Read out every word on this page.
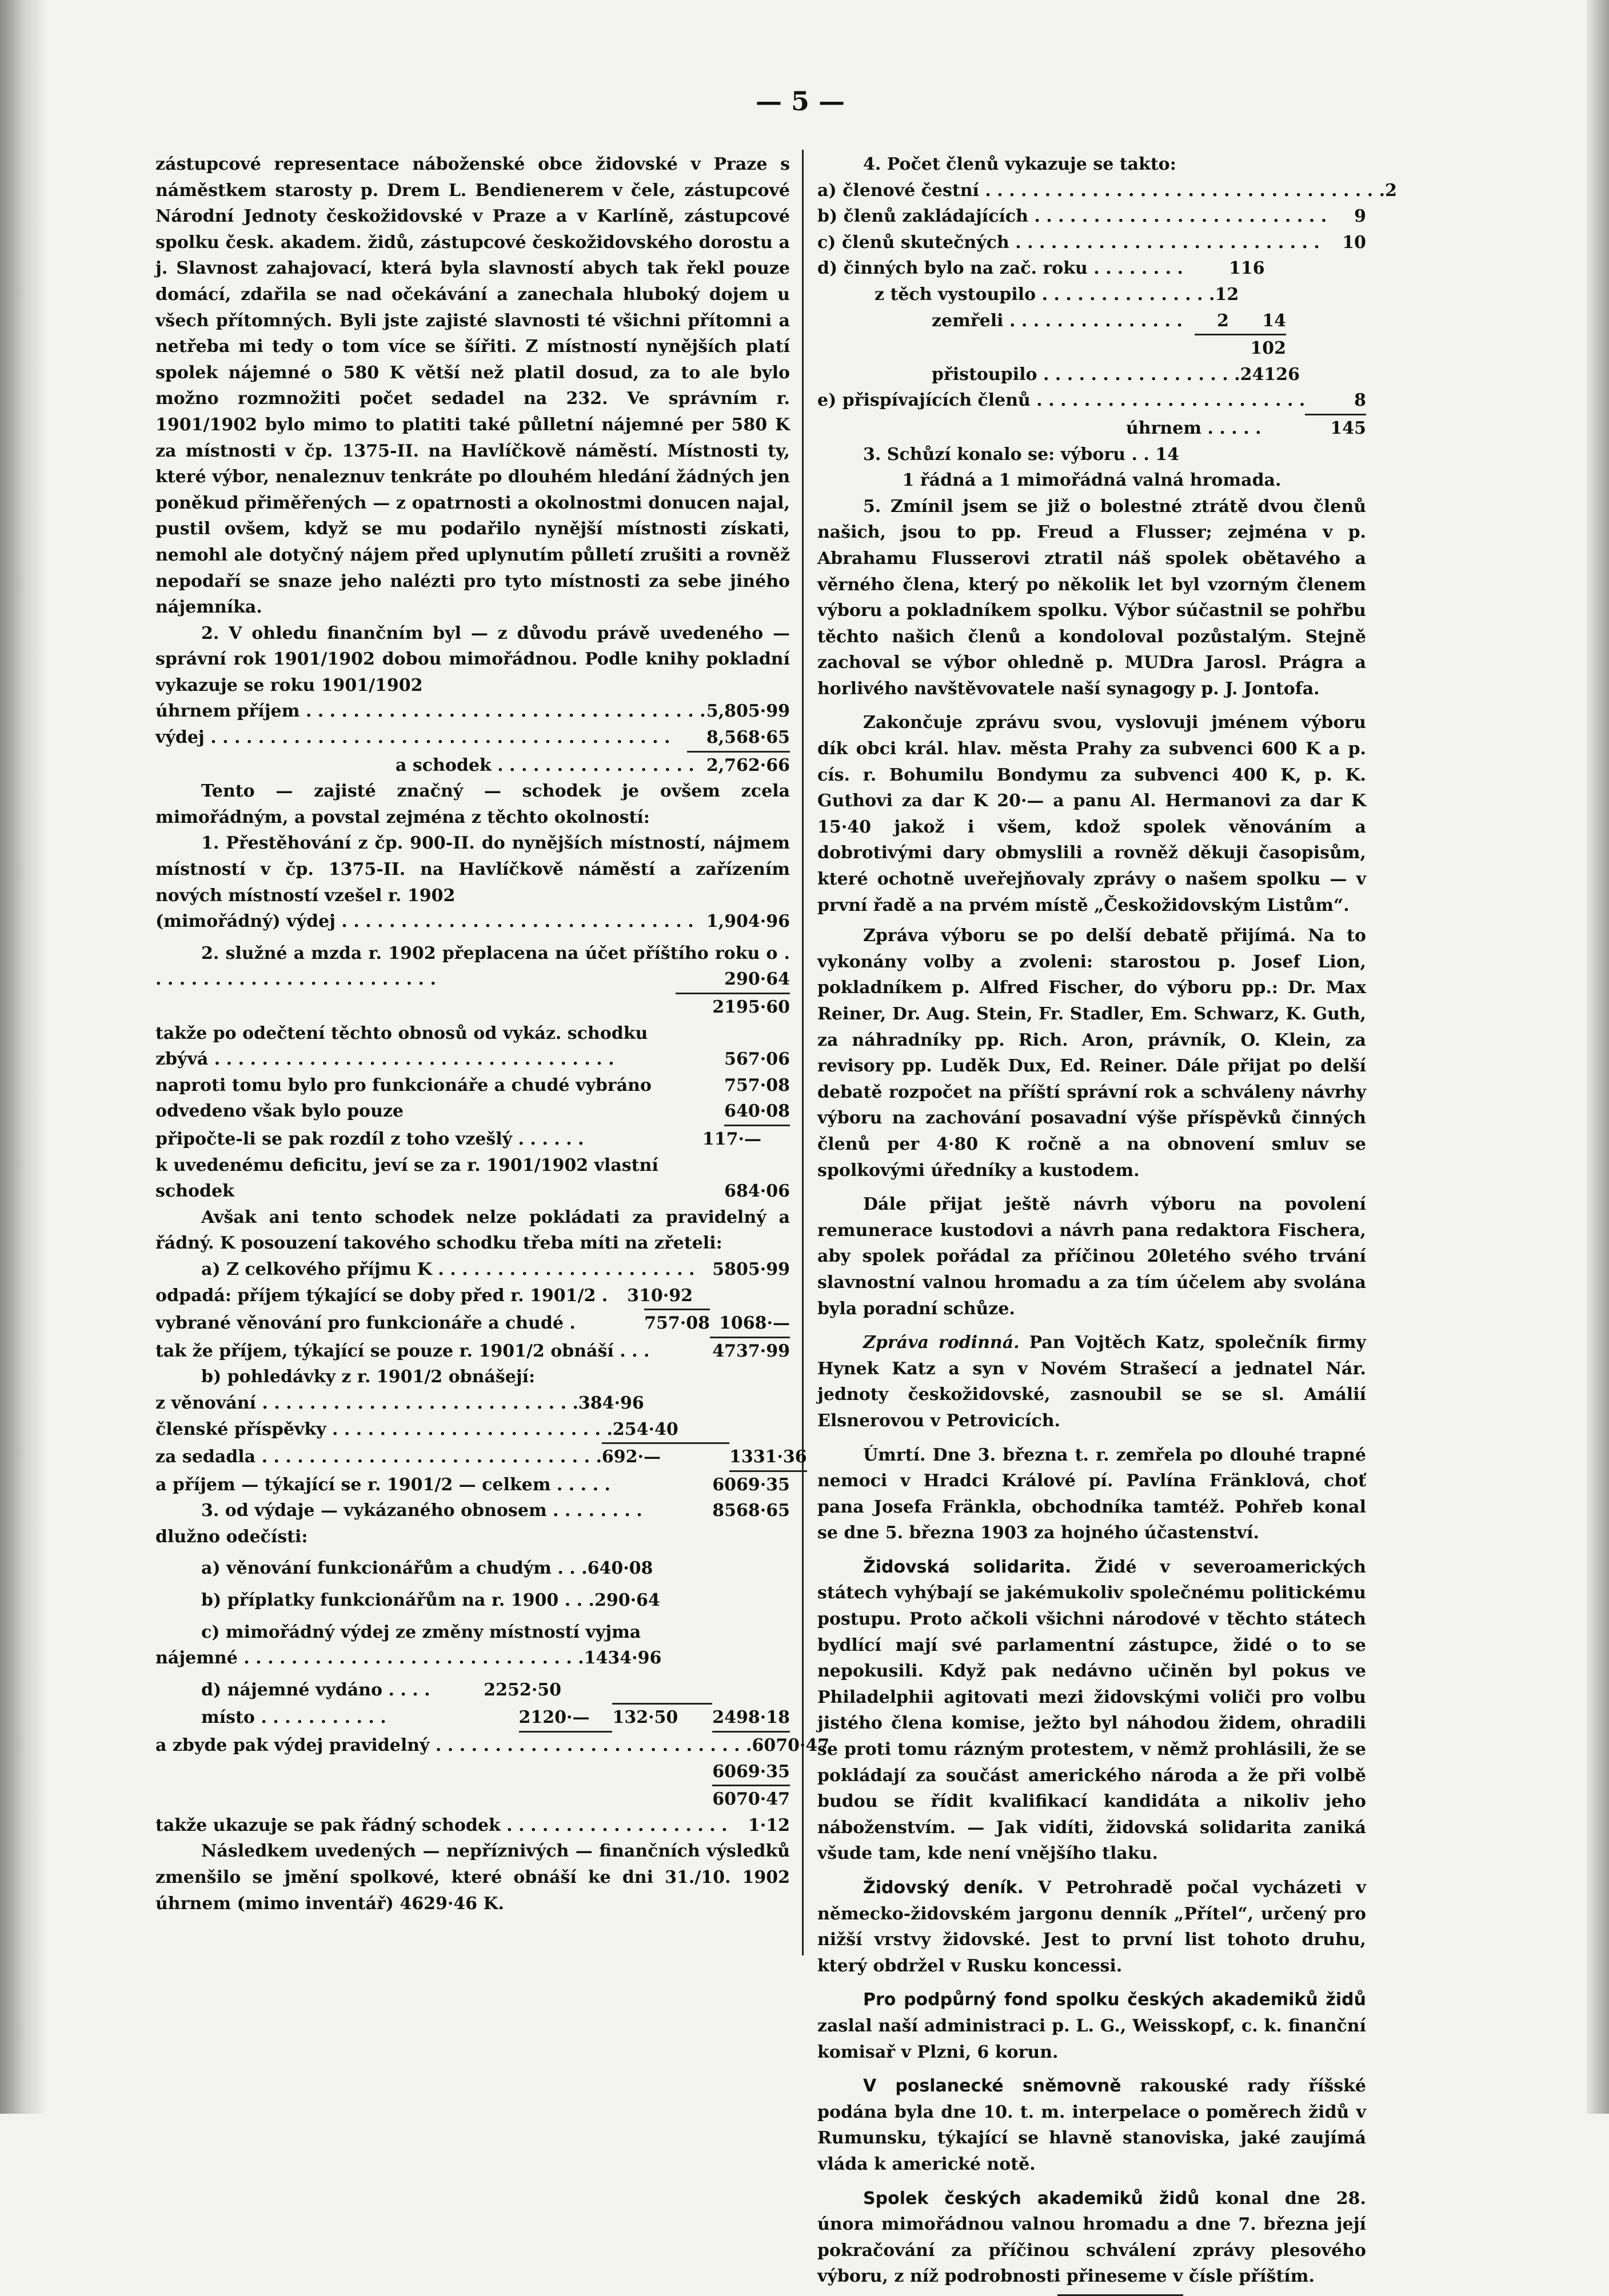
— 5 —

zástupcové representace náboženské obce židovské v Praze s náměstkem starosty p. Drem L. Bendienerem v čele, zástupcové Národní Jednoty českožidovské v Praze a v Karlíně, zástupcové spolku česk. akadem. židů, zástupcové českožidovského dorostu a j. Slavnost zahajovací, která byla slavností abych tak řekl pouze domácí, zdařila se nad očekávání a zanechala hluboký dojem u všech přítomných. Byli jste zajisté slavnosti té všichni přítomni a netřeba mi tedy o tom více se šířiti. Z místností nynějších platí spolek nájemné o 580 K větší než platil dosud, za to ale bylo možno rozmnožiti počet sedadel na 232. Ve správním r. 1901/1902 bylo mimo to platiti také půlletní nájemné per 580 K za místnosti v čp. 1375-II. na Havlíčkově náměstí. Místnosti ty, které výbor, nenaleznuv tenkráte po dlouhém hledání žádných jen poněkud přiměřených — z opatrnosti a okolnostmi donucen najal, pustil ovšem, když se mu podařilo nynější místnosti získati, nemohl ale dotyčný nájem před uplynutím půlletí zrušiti a rovněž nepodaří se snaze jeho nalézti pro tyto místnosti za sebe jiného nájemníka.

2. V ohledu finančním byl — z důvodu právě uvedeného — správní rok 1901/1902 dobou mimořádnou. Podle knihy pokladní vykazuje se roku 1901/1902

úhrnem příjem . . . . . . . . . . . . . . . . . . . . . . . . . . . . . . . . . . 5,805·99
výdej . . . . . . . . . . . . . . . . . . . . . . . . . . . . . . . . . . . . . . .	8,568·65
a schodek . . . . . . . . . . . . . . . . . 2,762·66

Tento — zajisté značný — schodek je ovšem zcela mimořádným, a povstal zejména z těchto okolností:

1. Přestěhování z čp. 900-II. do nynějších místností, nájmem místností v čp. 1375-II. na Havlíčkově náměstí a zařízením nových místností vzešel r. 1902

(mimořádný) výdej . . . . . . . . . . . . . . . . . . . . . . . . . . . . . . 1,904·96

2. služné a mzda r. 1902 přeplacena na účet příštího roku o . . . . . . . . . . . . . . . . . . . . . . . . .	290·64

2195·60

takže po odečtení těchto obnosů od vykáz. schodku

zbývá . . . . . . . . . . . . . . . . . . . . . . . . . . . . . . . . . .	567·06
naproti tomu bylo pro funkcionáře a chudé vybráno	757·08
odvedeno však bylo pouze	640·08
připočte-li se pak rozdíl z toho vzešlý . . . . . .	117·—

k uvedenému deficitu, jeví se za r. 1901/1902 vlastní

schodek	684·06

Avšak ani tento schodek nelze pokládati za pravidelný a řádný. K posouzení takového schodku třeba míti na zřeteli:

a) Z celkového příjmu K . . . . . . . . . . . . . . . . . . . . . .	5805·99
odpadá: příjem týkající se doby před r. 1901/2 .	310·92
vybrané věnování pro funkcionáře a chudé .	757·08 1068·—
tak že příjem, týkající se pouze r. 1901/2 obnáší . . .	4737·99

b) pohledávky z r. 1901/2 obnášejí:

z věnování . . . . . . . . . . . . . . . . . . . . . . . . . . . 384·96
členské příspěvky . . . . . . . . . . . . . . . . . . . . . . . . 254·40
za sedadla . . . . . . . . . . . . . . . . . . . . . . . . . . . . . 692·—	1331·36
a příjem — týkající se r. 1901/2 — celkem . . . . .	6069·35
3. od výdaje — vykázaného obnosem . . . . . . . .	8568·65

dlužno odečísti:

a) věnování funkcionářům a chudým . . . 640·08
b) příplatky funkcionářům na r. 1900 . . . 290·64

c) mimořádný výdej ze změny místností vyjma

nájemné . . . . . . . . . . . . . . . . . . . . . . . . . . . . . 1434·96
d) nájemné vydáno . . . .	2252·50
místo . . . . . . . . . . .	2120·—	132·50	2498·18
a zbyde pak výdej pravidelný . . . . . . . . . . . . . . . . . . . . . . . . . . . 6070·47
6069·35
6070·47
takže ukazuje se pak řádný schodek . . . . . . . . . . . . . . . . . . .	1·12

Následkem uvedených — nepříznivých — finančních výsledků zmenšilo se jmění spolkové, které obnáší ke dni 31./10. 1902 úhrnem (mimo inventář) 4629·46 K.

4. Počet členů vykazuje se takto:

a) členové čestní . . . . . . . . . . . . . . . . . . . . . . . . . . . . . . . . . . 2
b) členů zakládajících . . . . . . . . . . . . . . . . . . . . . . . . .	9
c) členů skutečných . . . . . . . . . . . . . . . . . . . . . . . . . .	10
d) činných bylo na zač. roku . . . . . . . .	116
z těch vystoupilo . . . . . . . . . . . . . . . 12
zemřeli . . . . . . . . . . . . . . .	2	14
102
přistoupilo . . . . . . . . . . . . . . . . . 24 126
e) přispívajících členů . . . . . . . . . . . . . . . . . . . . . . .	8
úhrnem . . . . .	145
3. Schůzí konalo se: výboru . . 14

1 řádná a 1 mimořádná valná hromada.

5. Zmínil jsem se již o bolestné ztrátě dvou členů našich, jsou to pp. Freud a Flusser; zejména v p. Abrahamu Flusserovi ztratil náš spolek obětavého a věrného člena, který po několik let byl vzorným členem výboru a pokladníkem spolku. Výbor súčastnil se pohřbu těchto našich členů a kondoloval pozůstalým. Stejně zachoval se výbor ohledně p. MUDra Jarosl. Prágra a horlivého navštěvovatele naší synagogy p. J. Jontofa.

Zakončuje zprávu svou, vyslovuji jménem výboru dík obci král. hlav. města Prahy za subvenci 600 K a p. cís. r. Bohumilu Bondymu za subvenci 400 K, p. K. Guthovi za dar K 20·— a panu Al. Hermanovi za dar K 15·40 jakož i všem, kdož spolek věnováním a dobrotivými dary obmyslili a rovněž děkuji časopisům, které ochotně uveřejňovaly zprávy o našem spolku — v první řadě a na prvém místě „Českožidovským Listům“.

Zpráva výboru se po delší debatě přijímá. Na to vykonány volby a zvoleni: starostou p. Josef Lion, pokladníkem p. Alfred Fischer, do výboru pp.: Dr. Max Reiner, Dr. Aug. Stein, Fr. Stadler, Em. Schwarz, K. Guth, za náhradníky pp. Rich. Aron, právník, O. Klein, za revisory pp. Luděk Dux, Ed. Reiner. Dále přijat po delší debatě rozpočet na příští správní rok a schváleny návrhy výboru na zachování posavadní výše příspěvků činných členů per 4·80 K ročně a na obnovení smluv se spolkovými úředníky a kustodem.

Dále přijat ještě návrh výboru na povolení remunerace kustodovi a návrh pana redaktora Fischera, aby spolek pořádal za příčinou 20letého svého trvání slavnostní valnou hromadu a za tím účelem aby svolána byla poradní schůze.

Zpráva rodinná. Pan Vojtěch Katz, společník firmy Hynek Katz a syn v Novém Strašecí a jednatel Nár. jednoty českožidovské, zasnoubil se se sl. Amálií Elsnerovou v Petrovicích.

Úmrtí. Dne 3. března t. r. zemřela po dlouhé trapné nemoci v Hradci Králové pí. Pavlína Fränklová, choť pana Josefa Fränkla, obchodníka tamtéž. Pohřeb konal se dne 5. března 1903 za hojného účastenství.

Židovská solidarita. Židé v severoamerických státech vyhýbají se jakémukoliv společnému politickému postupu. Proto ačkoli všichni národové v těchto státech bydlící mají své parlamentní zástupce, židé o to se nepokusili. Když pak nedávno učiněn byl pokus ve Philadelphii agitovati mezi židovskými voliči pro volbu jistého člena komise, ježto byl náhodou židem, ohradili se proti tomu rázným protestem, v němž prohlásili, že se pokládají za součást amerického národa a že při volbě budou se řídit kvalifikací kandidáta a nikoliv jeho náboženstvím. — Jak vidíti, židovská solidarita zaniká všude tam, kde není vnějšího tlaku.

Židovský deník. V Petrohradě počal vycházeti v německo-židovském jargonu denník „Přítel“, určený pro nižší vrstvy židovské. Jest to první list tohoto druhu, který obdržel v Rusku koncessi.

Pro podpůrný fond spolku českých akademiků židů zaslal naší administraci p. L. G., Weisskopf, c. k. finanční komisař v Plzni, 6 korun.

V poslanecké sněmovně rakouské rady říšské podána byla dne 10. t. m. interpelace o poměrech židů v Rumunsku, týkající se hlavně stanoviska, jaké zaujímá vláda k americké notě.

Spolek českých akademiků židů konal dne 28. února mimořádnou valnou hromadu a dne 7. března její pokračování za příčinou schválení zprávy plesového výboru, z níž podrobnosti přineseme v čísle příštím.
